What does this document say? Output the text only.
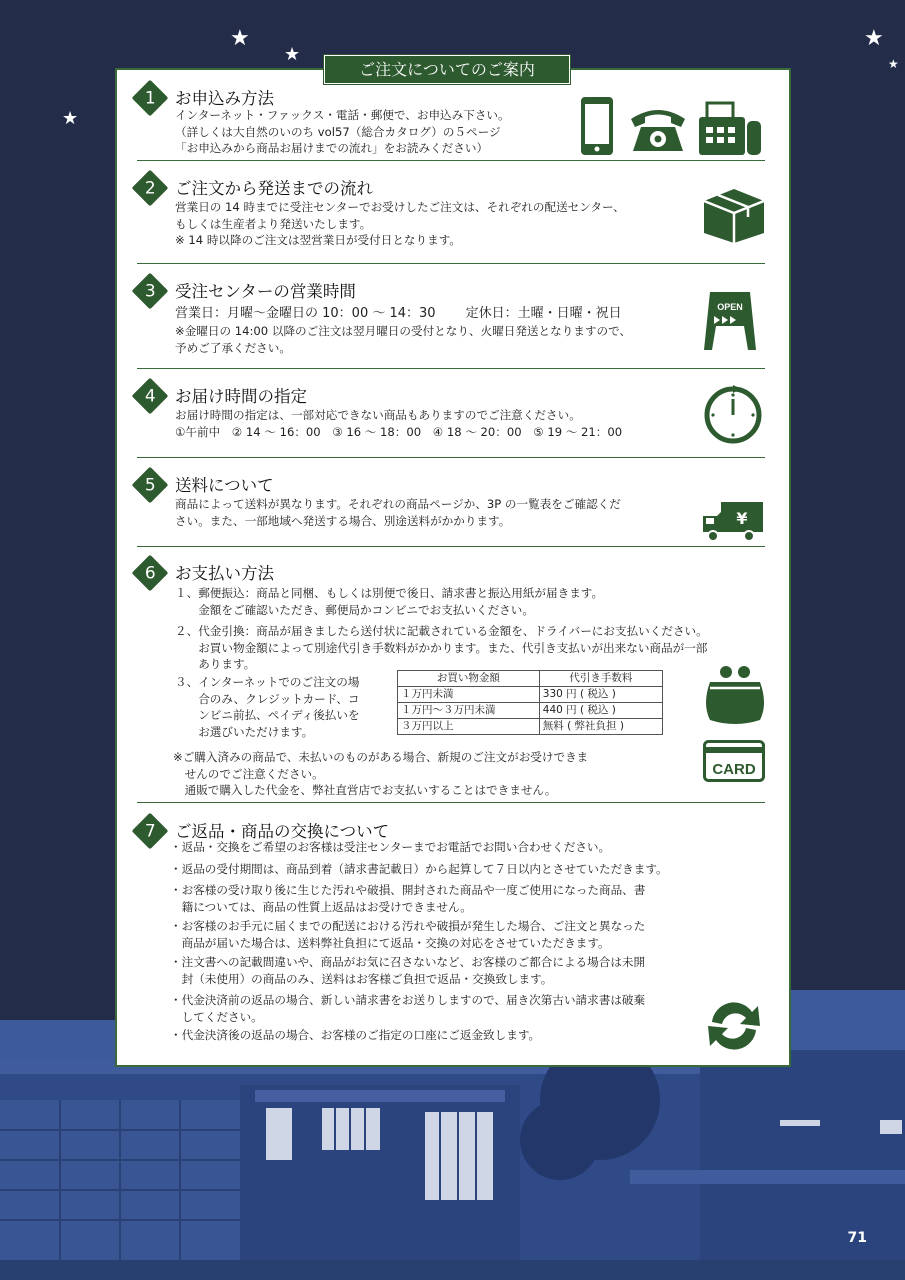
★
★
★
★
★
ご注文についてのご案内
1	お申込み方法

インターネット・ファックス・電話・郵便で、お申込み下さい。

（詳しくは大自然のいのち vol57（総合カタログ）の５ページ

「お申込みから商品お届けまでの流れ」をお読みください）

2	ご注文から発送までの流れ

営業日の 14 時までに受注センターでお受けしたご注文は、それぞれの配送センター、

もしくは生産者より発送いたします。

※ 14 時以降のご注文は翌営業日が受付日となります。

3	受注センターの営業時間

営業日：月曜〜金曜日の 10：00 〜 14：30 定休日：土曜・日曜・祝日

※金曜日の 14:00 以降のご注文は翌月曜日の受付となり、火曜日発送となりますので、

予めご了承ください。

OPEN
4	お届け時間の指定

お届け時間の指定は、一部対応できない商品もありますのでご注意ください。

①午前中　② 14 〜 16：00　③ 16 〜 18：00　④ 18 〜 20：00　⑤ 19 〜 21：00

5	送料について

商品によって送料が異なります。それぞれの商品ページか、3P の一覧表をご確認くだ

さい。また、一部地域へ発送する場合、別途送料がかかります。	¥
6	お支払い方法
１、郵便振込：商品と同梱、もしくは別便で後日、請求書と振込用紙が届きます。
　　金額をご確認いただき、郵便局かコンビニでお支払いください。
２、代金引換：商品が届きましたら送付状に記載されている金額を、ドライバーにお支払いください。
　　お買い物金額によって別途代引き手数料がかかります。また、代引き支払いが出来ない商品が一部
　　あります。
３、インターネットでのご注文の場
　　合のみ、クレジットカード、コ
　　ンビニ前払、ペイディ後払いを
　　お選びいただけます。
お買い物金額	代引き手数料
１万円未満	330 円 ( 税込 )
１万円〜３万円未満	440 円 ( 税込 )
３万円以上	無料 ( 弊社負担 )
※ご購入済みの商品で、未払いのものがある場合、新規のご注文がお受けできま
　せんのでご注意ください。
　通販で購入した代金を、弊社直営店でお支払いすることはできません。
CARD
7	ご返品・商品の交換について
・返品・交換をご希望のお客様は受注センターまでお電話でお問い合わせください。
・返品の受付期間は、商品到着（請求書記載日）から起算して７日以内とさせていただきます。
・お客様の受け取り後に生じた汚れや破損、開封された商品や一度ご使用になった商品、書
　籍については、商品の性質上返品はお受けできません。
・お客様のお手元に届くまでの配送における汚れや破損が発生した場合、ご注文と異なった
　商品が届いた場合は、送料弊社負担にて返品・交換の対応をさせていただきます。
・注文書への記載間違いや、商品がお気に召さないなど、お客様のご都合による場合は未開
　封（未使用）の商品のみ、送料はお客様ご負担で返品・交換致します。
・代金決済前の返品の場合、新しい請求書をお送りしますので、届き次第古い請求書は破棄
　してください。
・代金決済後の返品の場合、お客様のご指定の口座にご返金致します。
71
